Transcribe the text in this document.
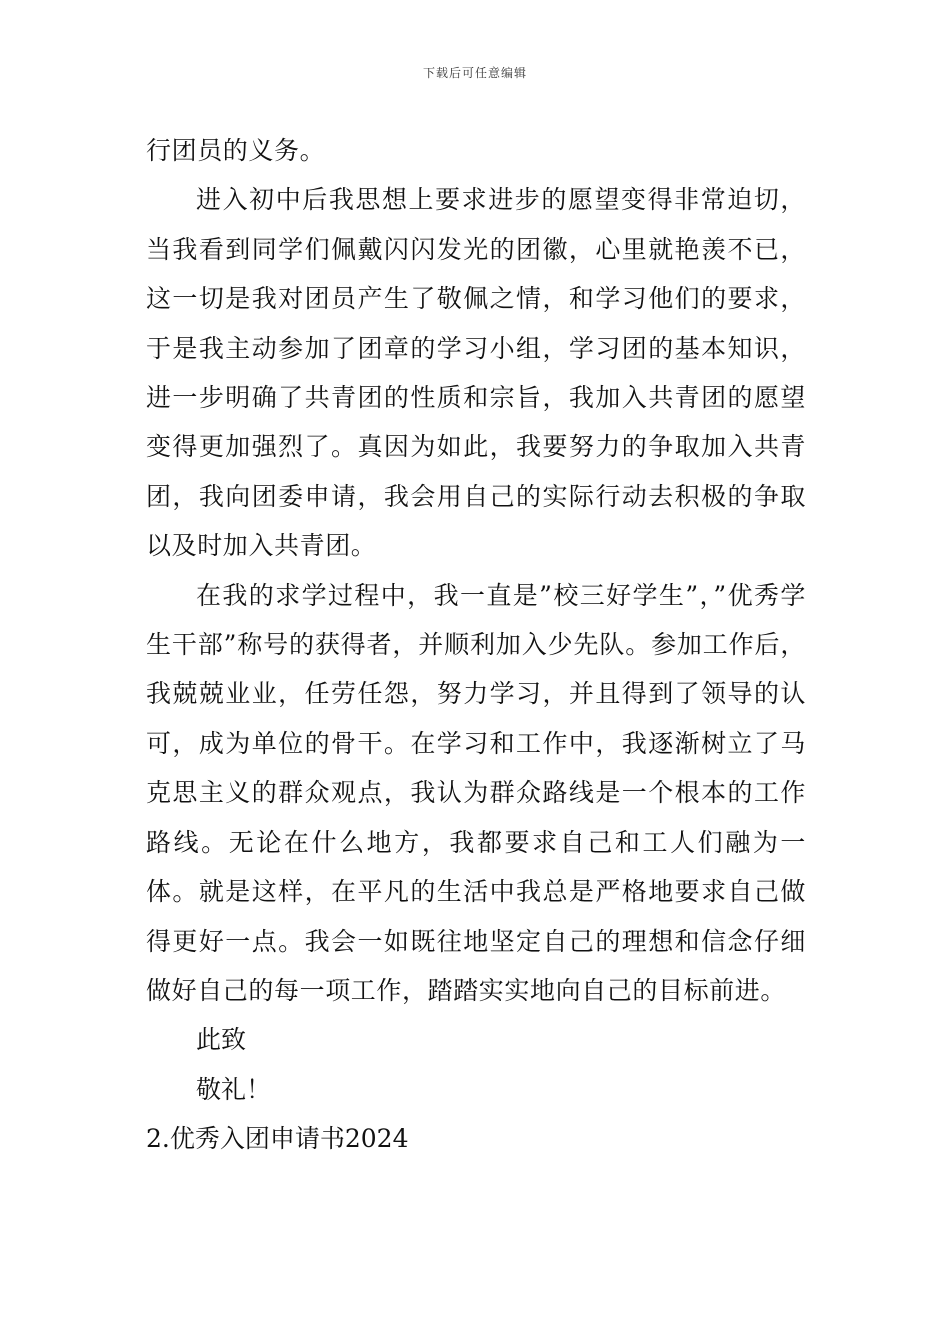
下载后可任意编辑

行团员的义务。

进入初中后我思想上要求进步的愿望变得非常迫切，当我看到同学们佩戴闪闪发光的团徽，心里就艳羡不已，这一切是我对团员产生了敬佩之情，和学习他们的要求，于是我主动参加了团章的学习小组，学习团的基本知识，进一步明确了共青团的性质和宗旨，我加入共青团的愿望变得更加强烈了。真因为如此，我要努力的争取加入共青团，我向团委申请，我会用自己的实际行动去积极的争取以及时加入共青团。

在我的求学过程中，我一直是”校三好学生”，”优秀学生干部”称号的获得者，并顺利加入少先队。参加工作后，我兢兢业业，任劳任怨，努力学习，并且得到了领导的认可，成为单位的骨干。在学习和工作中，我逐渐树立了马克思主义的群众观点，我认为群众路线是一个根本的工作路线。无论在什么地方，我都要求自己和工人们融为一体。就是这样，在平凡的生活中我总是严格地要求自己做得更好一点。我会一如既往地坚定自己的理想和信念仔细做好自己的每一项工作，踏踏实实地向自己的目标前进。

此致

敬礼！

2.优秀入团申请书2024
